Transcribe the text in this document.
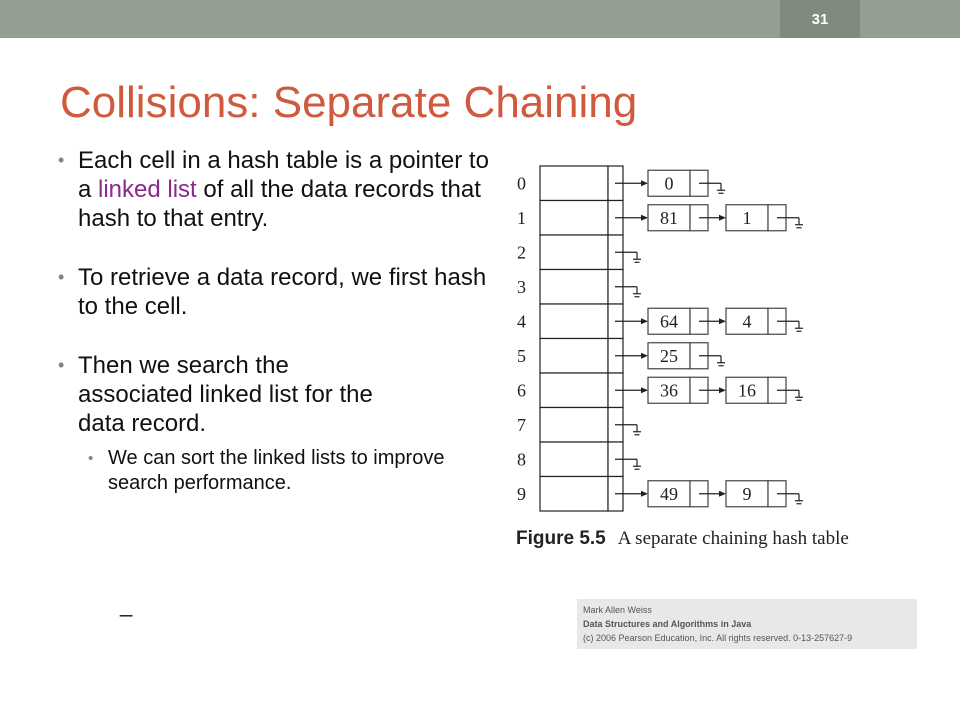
31
Collisions: Separate Chaining
• Each cell in a hash table is a pointer to a linked list of all the data records that hash to that entry.
• To retrieve a data record, we first hash to the cell.
• Then we search the associated linked list for the data record.
• We can sort the linked lists to improve search performance.
_
0	0
1	81	1
2
3
4	64	4
5	25
6	36	16
7
8
9	49	9
Figure 5.5 A separate chaining hash table
Mark Allen Weiss
Data Structures and Algorithms in Java
(c) 2006 Pearson Education, Inc. All rights reserved. 0-13-257627-9
